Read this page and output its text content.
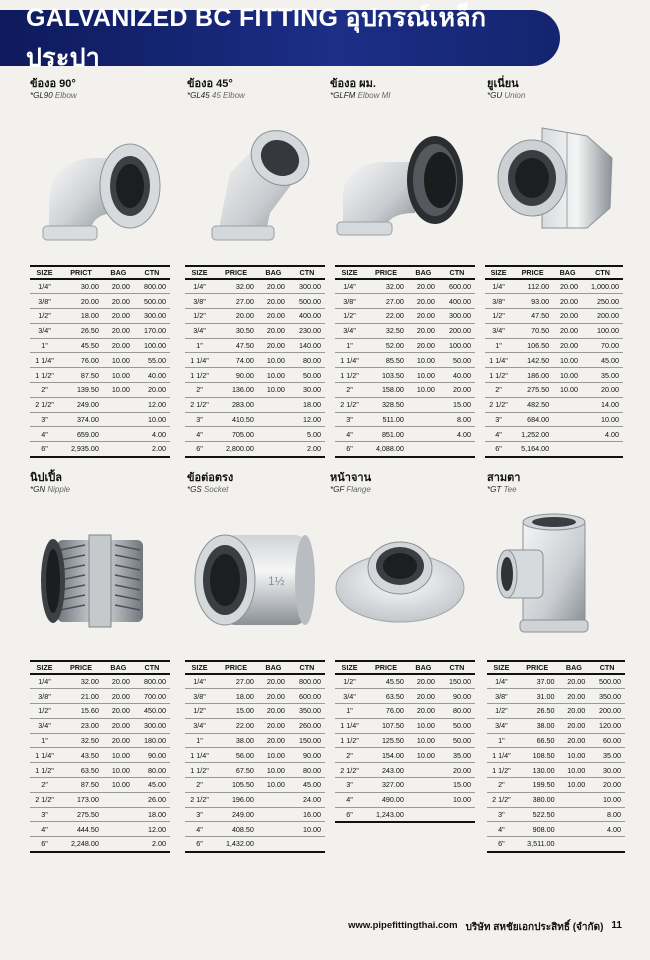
GALVANIZED BC FITTING อุปกรณ์เหล็กประปา
ข้องอ 90°
*GL90 Elbow
SIZE	PRICT	BAG	CTN
1/4"	30.00	20.00	800.00
3/8"	20.00	20.00	500.00
1/2"	18.00	20.00	300.00
3/4"	26.50	20.00	170.00
1"	45.50	20.00	100.00
1 1/4"	76.00	10.00	55.00
1 1/2"	87.50	10.00	40.00
2"	139.50	10.00	20.00
2 1/2"	249.00		12.00
3"	374.00		10.00
4"	659.00		4.00
6"	2,935.00		2.00
ข้องอ 45°
*GL45 45 Elbow
SIZE	PRICE	BAG	CTN
1/4"	32.00	20.00	300.00
3/8"	27.00	20.00	500.00
1/2"	20.00	20.00	400.00
3/4"	30.50	20.00	230.00
1"	47.50	20.00	140.00
1 1/4"	74.00	10.00	80.00
1 1/2"	90.00	10.00	50.00
2"	136.00	10.00	30.00
2 1/2"	283.00		18.00
3"	410.50		12.00
4"	705.00		5.00
6"	2,800.00		2.00
ข้องอ ผม.
*GLFM Elbow MI
SIZE	PRICE	BAG	CTN
1/4"	32.00	20.00	600.00
3/8"	27.00	20.00	400.00
1/2"	22.00	20.00	300.00
3/4"	32.50	20.00	200.00
1"	52.00	20.00	100.00
1 1/4"	85.50	10.00	50.00
1 1/2"	103.50	10.00	40.00
2"	158.00	10.00	20.00
2 1/2"	328.50		15.00
3"	511.00		8.00
4"	851.00		4.00
6"	4,088.00		
ยูเนี่ยน
*GU Union
SIZE	PRICE	BAG	CTN
1/4"	112.00	20.00	1,000.00
3/8"	93.00	20.00	250.00
1/2"	47.50	20.00	200.00
3/4"	70.50	20.00	100.00
1"	106.50	20.00	70.00
1 1/4"	142.50	10.00	45.00
1 1/2"	186.00	10.00	35.00
2"	275.50	10.00	20.00
2 1/2"	482.50		14.00
3"	684.00		10.00
4"	1,252.00		4.00
6"	5,164.00		
นิปเปิ้ล
*GN Nipple
SIZE	PRICE	BAG	CTN
1/4"	32.00	20.00	800.00
3/8"	21.00	20.00	700.00
1/2"	15.60	20.00	450.00
3/4"	23.00	20.00	300.00
1"	32.50	20.00	180.00
1 1/4"	43.50	10.00	90.00
1 1/2"	63.50	10.00	80.00
2"	87.50	10.00	45.00
2 1/2"	173.00		26.00
3"	275.50		18.00
4"	444.50		12.00
6"	2,248.00		2.00
ข้อต่อตรง
*GS Socket
1½
SIZE	PRICE	BAG	CTN
1/4"	27.00	20.00	800.00
3/8"	18.00	20.00	600.00
1/2"	15.00	20.00	350.00
3/4"	22.00	20.00	260.00
1"	38.00	20.00	150.00
1 1/4"	56.00	10.00	90.00
1 1/2"	67.50	10.00	80.00
2"	105.50	10.00	45.00
2 1/2"	196.00		24.00
3"	249.00		16.00
4"	408.50		10.00
6"	1,432.00		
หน้าจาน
*GF Flange
SIZE	PRICE	BAG	CTN
1/2"	45.50	20.00	150.00
3/4"	63.50	20.00	90.00
1"	76.00	20.00	80.00
1 1/4"	107.50	10.00	50.00
1 1/2"	125.50	10.00	50.00
2"	154.00	10.00	35.00
2 1/2"	243.00		20.00
3"	327.00		15.00
4"	490.00		10.00
6"	1,243.00		
สามตา
*GT Tee
SIZE	PRICE	BAG	CTN
1/4"	37.00	20.00	500.00
3/8"	31.00	20.00	350.00
1/2"	26.50	20.00	200.00
3/4"	38.00	20.00	120.00
1"	66.50	20.00	60.00
1 1/4"	108.50	10.00	35.00
1 1/2"	130.00	10.00	30.00
2"	199.50	10.00	20.00
2 1/2"	380.00		10.00
3"	522.50		8.00
4"	908.00		4.00
6"	3,511.00		
www.pipefittingthai.com บริษัท สหชัยเอกประสิทธิ์ (จำกัด) 11
